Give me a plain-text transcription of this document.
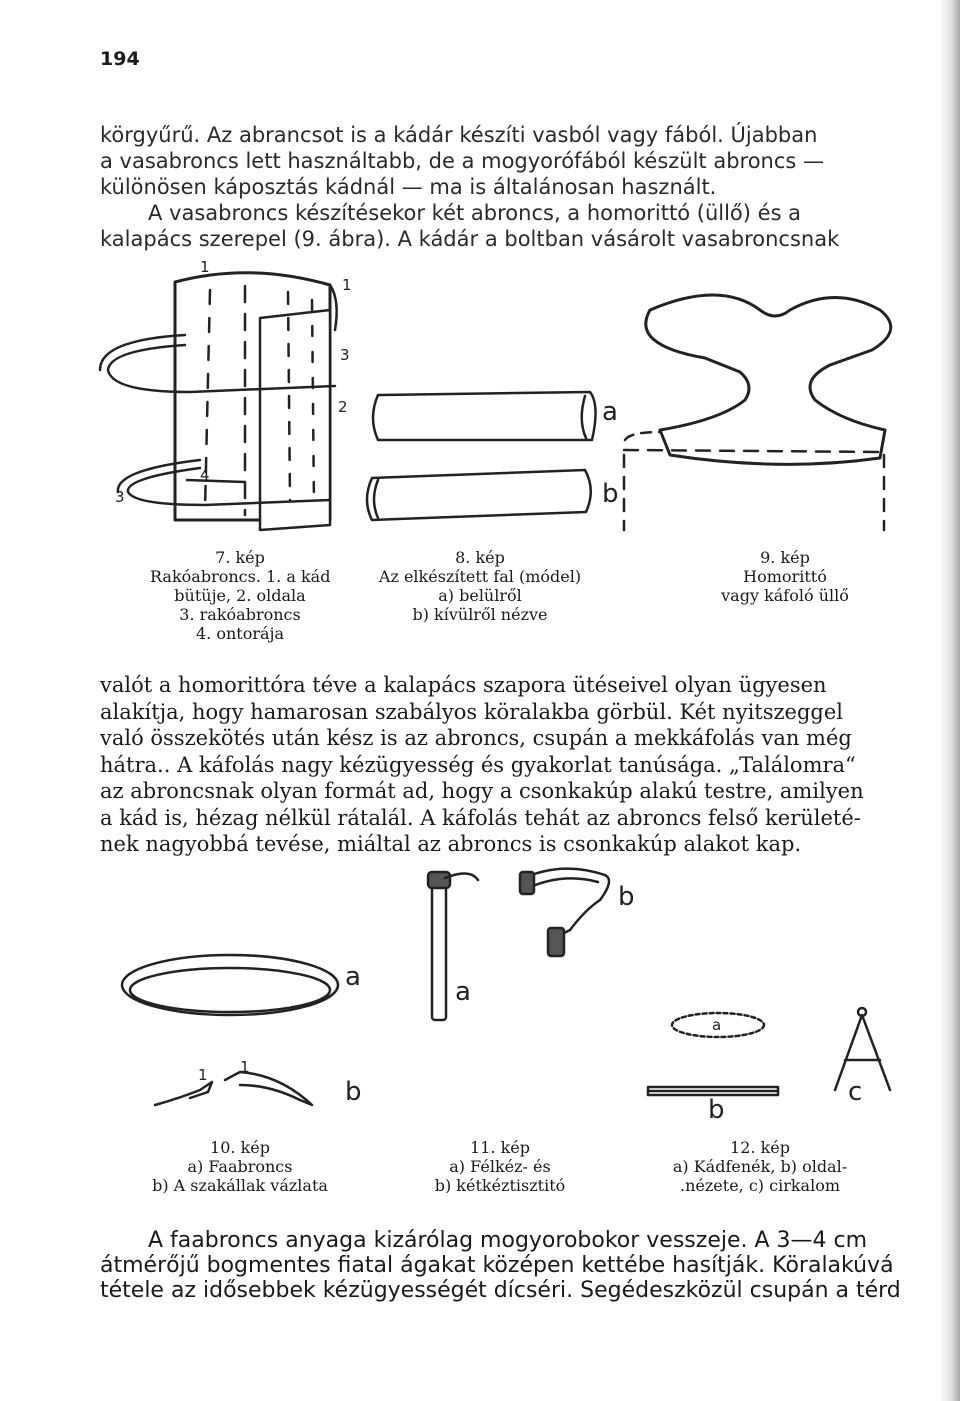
194
körgyűrű. Az abrancsot is a kádár készíti vasból vagy fából. Újabban
a vasabroncs lett használtabb, de a mogyorófából készült abroncs —
különösen káposztás kádnál — ma is általánosan használt.
A vasabroncs készítésekor két abroncs, a homorittó (üllő) és a
kalapács szerepel (9. ábra). A kádár a boltban vásárolt vasabroncsnak
1
1
3
2
4
3
a
b
a
b
1 1
a
b
a
b
c
7. kép
Rakóabroncs. 1. a kád
bütüje, 2. oldala
3. rakóabroncs
4. ontorája
8. kép
Az elkészített fal (módel)
a) belülről
b) kívülről nézve
9. kép
Homorittó
vagy káfoló üllő
valót a homorittóra téve a kalapács szapora ütéseivel olyan ügyesen
alakítja, hogy hamarosan szabályos köralakba görbül. Két nyitszeggel
való összekötés után kész is az abroncs, csupán a mekkáfolás van még
hátra.. A káfolás nagy kézügyesség és gyakorlat tanúsága. „Találomra“
az abroncsnak olyan formát ad, hogy a csonkakúp alakú testre, amilyen
a kád is, hézag nélkül rátalál. A káfolás tehát az abroncs felső kerületé-
nek nagyobbá tevése, miáltal az abroncs is csonkakúp alakot kap.
10. kép
a) Faabroncs
b) A szakállak vázlata
11. kép
a) Félkéz- és
b) kétkéztisztitó
12. kép
a) Kádfenék, b) oldal-
.nézete, c) cirkalom
A faabroncs anyaga kizárólag mogyorobokor vesszeje. A 3—4 cm
átmérőjű bogmentes fiatal ágakat középen kettébe hasítják. Köralakúvá
tétele az idősebbek kézügyességét dícséri. Segédeszközül csupán a térd
